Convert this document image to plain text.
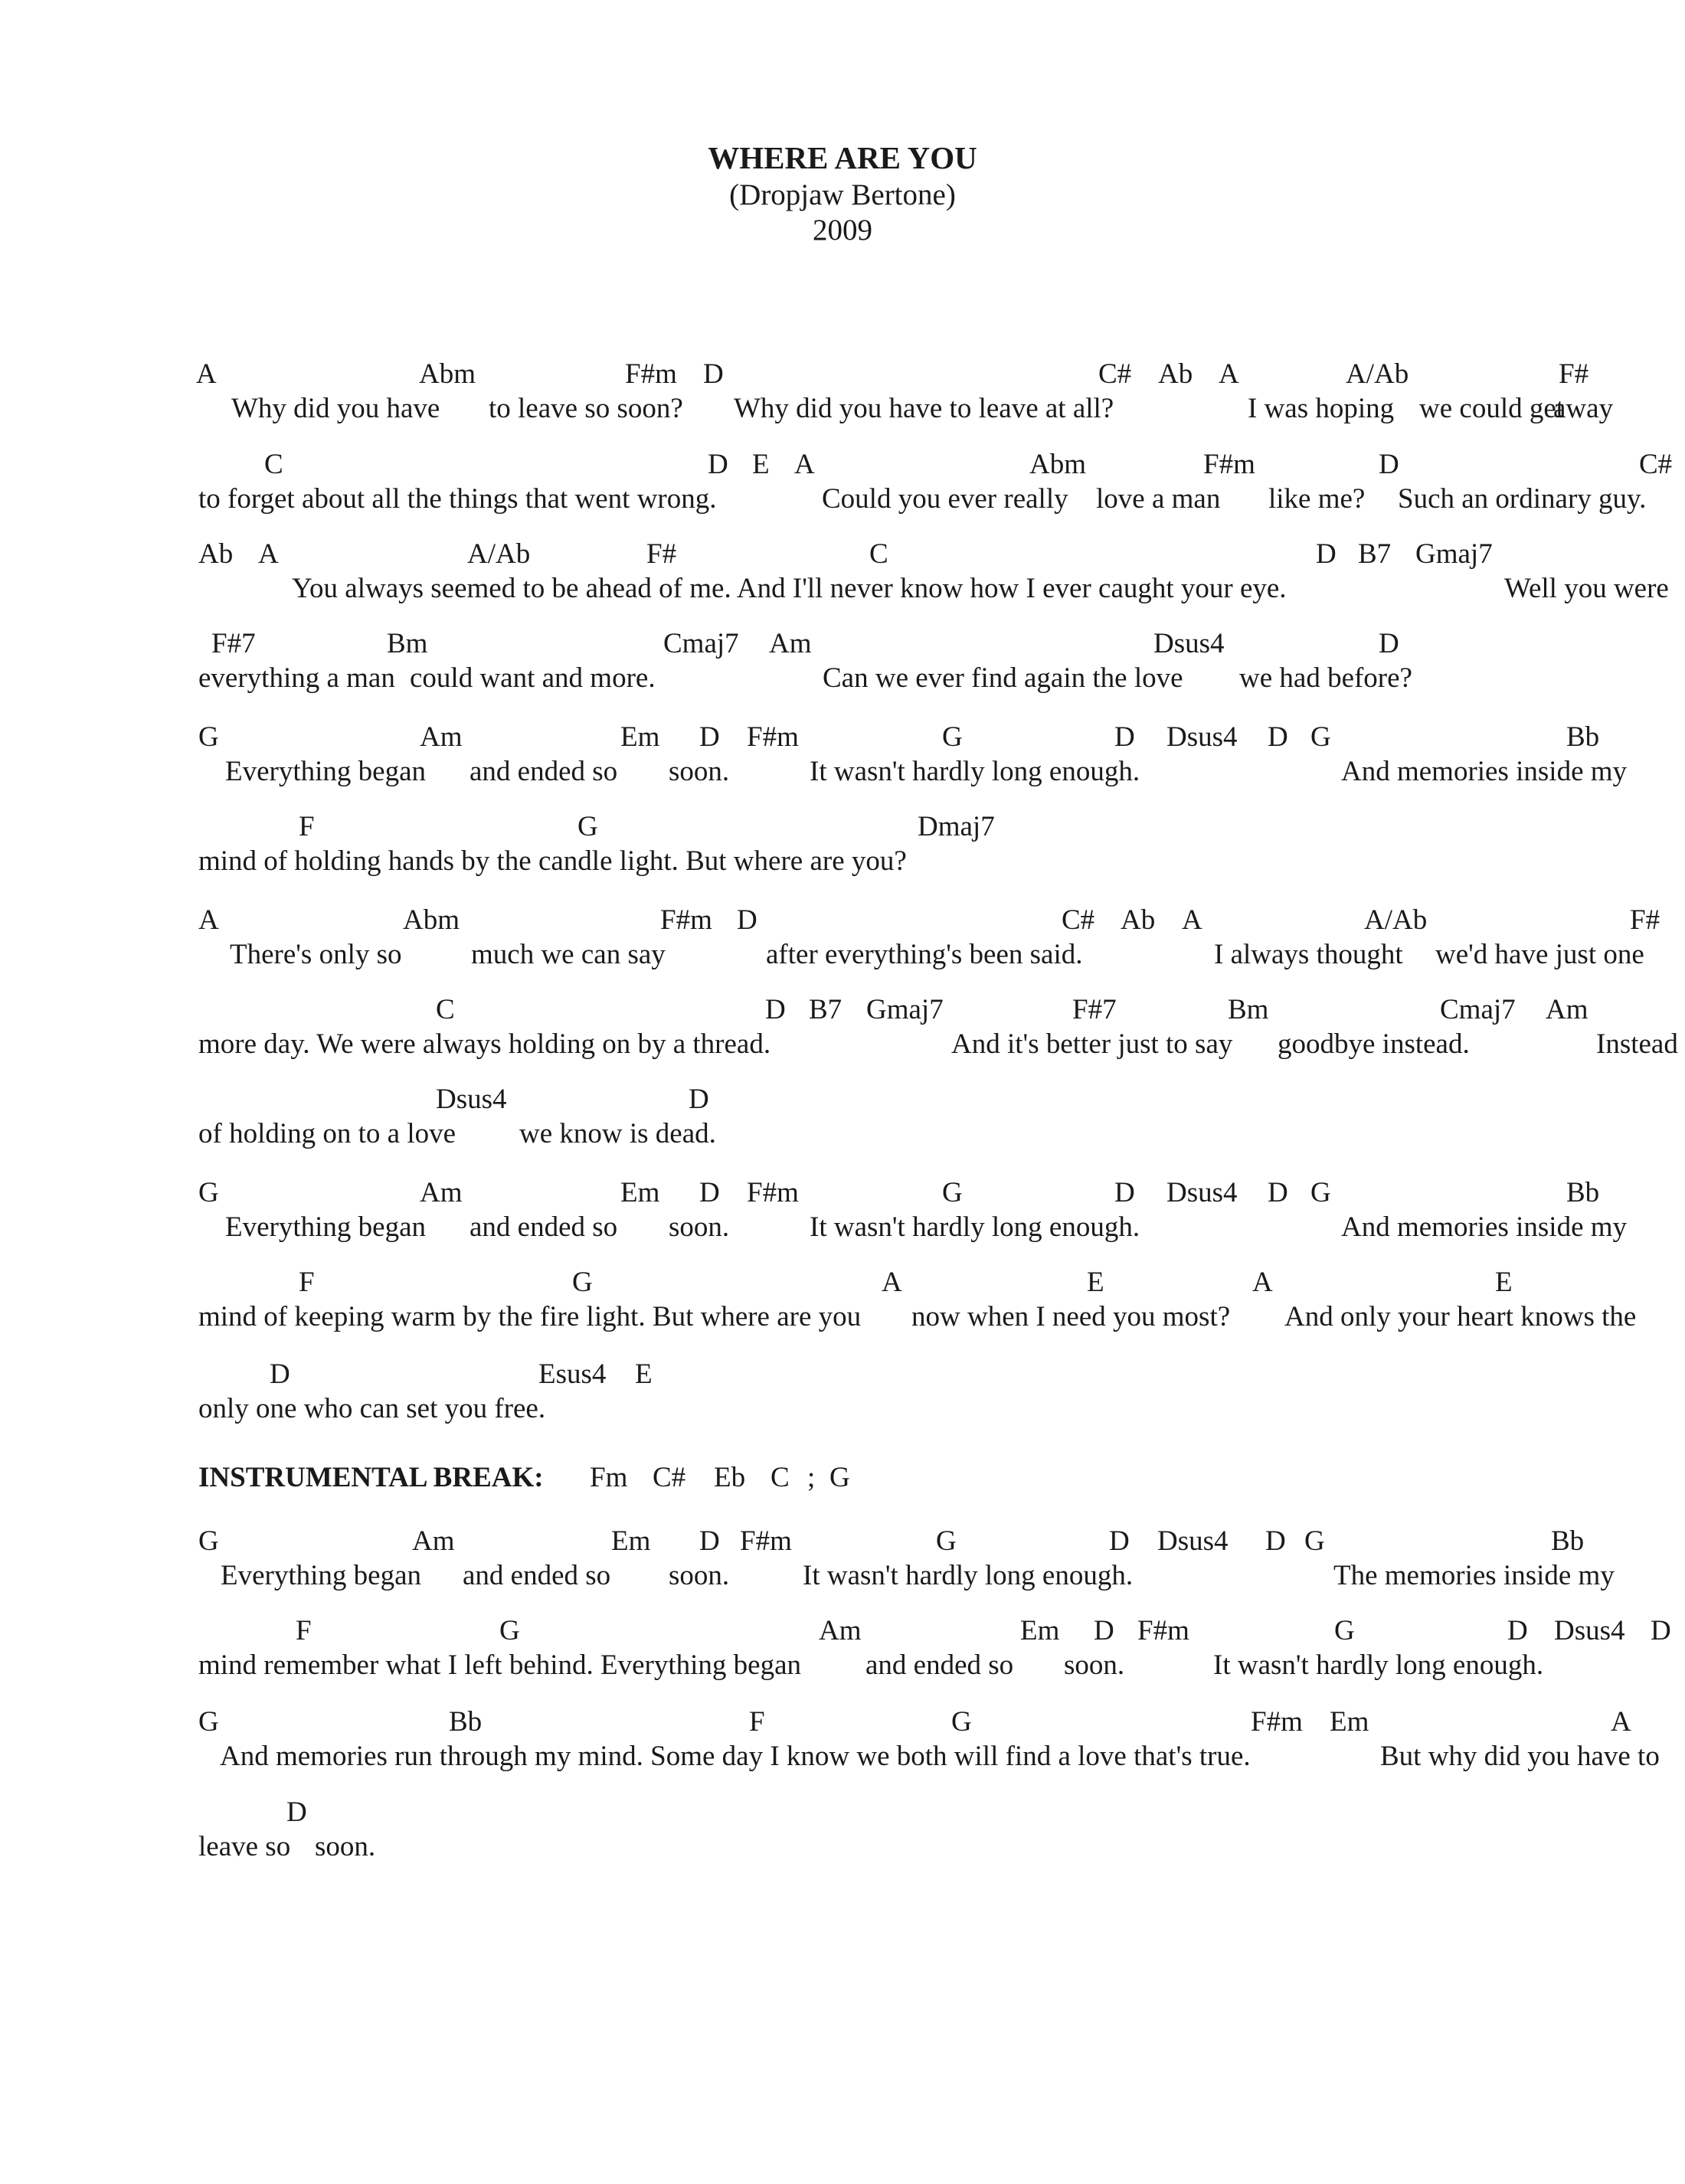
WHERE ARE YOU
(Dropjaw Bertone)
2009
A	Abm	F#m D	C# Ab A	A/Ab	F#
Why did you have to leave so soon? Why did you have to leave at all?	I was hoping we could get
away
C	D E A	Abm	F#m	D	C#
to forget about all the things that went wrong.	Could you ever really love a man like me? Such an ordinary guy.
Ab A	A/Ab	F#	C	D B7 Gmaj7
You always seemed to be ahead of me. And I'll never know how I ever caught your eye.	Well you were
F#7	Bm	Cmaj7 Am	Dsus4	D
everything a man could want and more.	Can we ever find again the love we had before?
G	Am	Em D F#m	G	D Dsus4 D G	Bb
Everything began and ended so soon.	It wasn't hardly long enough.	And memories inside my
F	G	Dmaj7
mind of holding hands by the candle light. But where are you?
A	Abm	F#m D	C# Ab A	A/Ab	F#
There's only so much we can say	after everything's been said.	I always thought we'd have just one
C	D B7 Gmaj7	F#7	Bm	Cmaj7 Am
more day. We were always holding on by a thread.	And it's better just to say goodbye instead.	Instead
Dsus4	D
of holding on to a love we know is dead.
G	Am	Em D F#m	G	D Dsus4 D G	Bb
Everything began and ended so soon.	It wasn't hardly long enough.	And memories inside my
F	G	A	E	A	E
mind of keeping warm by the fire light. But where are you now when I need you most? And only your heart knows the
D	Esus4 E
only one who can set you free.
INSTRUMENTAL BREAK: Fm C# Eb C ; G
G	Am	Em D F#m	G	D Dsus4 D G	Bb
Everything began and ended so soon.	It wasn't hardly long enough.	The memories inside my
F	G	Am	Em D F#m	G	D Dsus4 D
mind remember what I left behind. Everything began and ended so soon.	It wasn't hardly long enough.
G	Bb	F	G	F#m Em	A
And memories run through my mind. Some day I know we both will find a love that's true.	But why did you have to
D
leave so soon.
